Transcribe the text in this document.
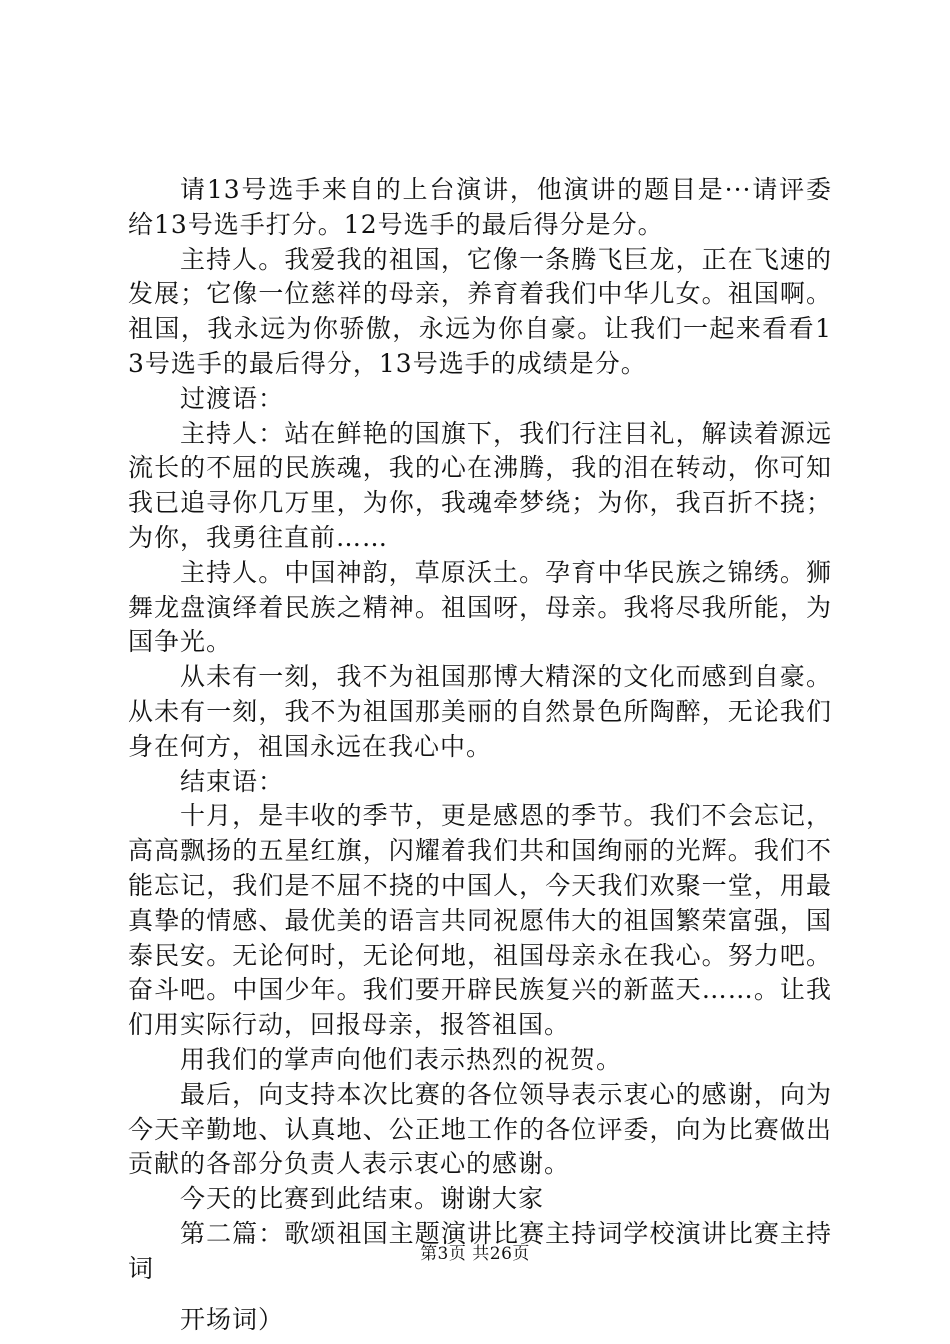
请13号选手来自的上台演讲，他演讲的题目是···请评委给13号选手打分。12号选手的最后得分是分。

主持人。我爱我的祖国，它像一条腾飞巨龙，正在飞速的发展；它像一位慈祥的母亲，养育着我们中华儿女。祖国啊。祖国，我永远为你骄傲，永远为你自豪。让我们一起来看看13号选手的最后得分，13号选手的成绩是分。

过渡语：

主持人：站在鲜艳的国旗下，我们行注目礼，解读着源远流长的不屈的民族魂，我的心在沸腾，我的泪在转动，你可知我已追寻你几万里，为你，我魂牵梦绕；为你，我百折不挠；为你，我勇往直前……

主持人。中国神韵，草原沃土。孕育中华民族之锦绣。狮舞龙盘演绎着民族之精神。祖国呀，母亲。我将尽我所能，为国争光。

从未有一刻，我不为祖国那博大精深的文化而感到自豪。从未有一刻，我不为祖国那美丽的自然景色所陶醉，无论我们身在何方，祖国永远在我心中。

结束语：

十月，是丰收的季节，更是感恩的季节。我们不会忘记，高高飘扬的五星红旗，闪耀着我们共和国绚丽的光辉。我们不能忘记，我们是不屈不挠的中国人，今天我们欢聚一堂，用最真挚的情感、最优美的语言共同祝愿伟大的祖国繁荣富强，国泰民安。无论何时，无论何地，祖国母亲永在我心。努力吧。奋斗吧。中国少年。我们要开辟民族复兴的新蓝天……。让我们用实际行动，回报母亲，报答祖国。

用我们的掌声向他们表示热烈的祝贺。

最后，向支持本次比赛的各位领导表示衷心的感谢，向为今天辛勤地、认真地、公正地工作的各位评委，向为比赛做出贡献的各部分负责人表示衷心的感谢。

今天的比赛到此结束。谢谢大家

第二篇：歌颂祖国主题演讲比赛主持词学校演讲比赛主持词

开场词）

第3页 共26页
